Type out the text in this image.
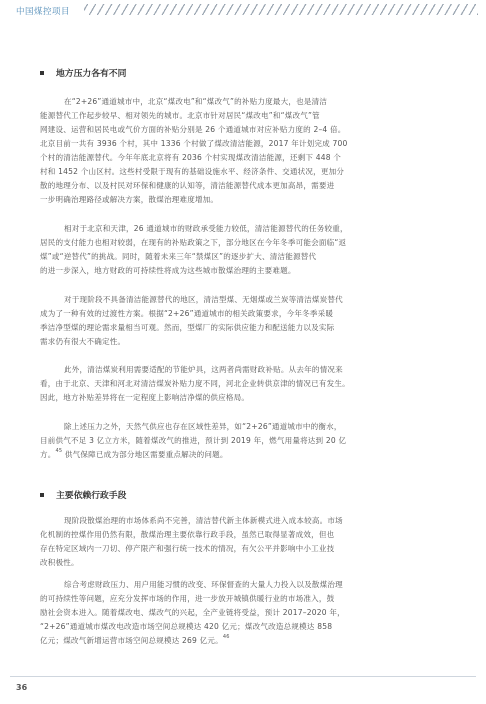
中国煤控项目
地方压力各有不同
在“2+26”通道城市中，北京“煤改电”和“煤改气”的补贴力度最大，也是清洁
能源替代工作起步较早、相对领先的城市。北京市针对居民“煤改电”和“煤改气”管
网建设、运营和居民电或气价方面的补贴分别是 26 个通道城市对应补贴力度的 2–4 倍。
北京目前一共有 3936 个村，其中 1336 个村做了煤改清洁能源，2017 年计划完成 700
个村的清洁能源替代。今年年底北京将有 2036 个村实现煤改清洁能源，还剩下 448 个
村和 1452 个山区村。这些村受限于现有的基础设施水平、经济条件、交通状况，更加分
散的地理分布、以及村民对环保和健康的认知等，清洁能源替代成本更加高昂，需要进
一步明确治理路径或解决方案，散煤治理难度增加。
相对于北京和天津，26 通道城市的财政承受能力较低，清洁能源替代的任务较重，
居民的支付能力也相对较弱，在现有的补贴政策之下，部分地区在今年冬季可能会面临“返
煤”或“逆替代”的挑战。同时，随着未来三年“禁煤区”的逐步扩大、清洁能源替代
的进一步深入，地方财政的可持续性将成为这些城市散煤治理的主要难题。
对于现阶段不具备清洁能源替代的地区，清洁型煤、无烟煤或兰炭等清洁煤炭替代
成为了一种有效的过渡性方案。根据“2+26”通道城市的相关政策要求，今年冬季采暖
季洁净型煤的理论需求量相当可观。然而，型煤厂的实际供应能力和配送能力以及实际
需求仍有很大不确定性。
此外，清洁煤炭利用需要适配的节能炉具，这两者尚需财政补贴。从去年的情况来
看，由于北京、天津和河北对清洁煤炭补贴力度不同，河北企业转供京津的情况已有发生。
因此，地方补贴差异将在一定程度上影响洁净煤的供应格局。
除上述压力之外，天然气供应也存在区域性差异，如“2+26”通道城市中的衡水，
目前供气不足 3 亿立方米，随着煤改气的推进，预计到 2019 年，燃气用量将达到 20 亿
方。$^{45}$ 供气保障已成为部分地区需要重点解决的问题。
主要依赖行政手段
现阶段散煤治理的市场体系尚不完善，清洁替代新主体新模式进入成本较高。市场
化机制的控煤作用仍然有限，散煤治理主要依靠行政手段，虽然已取得显著成效，但也
存在特定区域内一刀切、停产限产和强行统一技术的情况，有欠公平并影响中小工业技
改积极性。
综合考虑财政压力、用户用能习惯的改变、环保督查的大量人力投入以及散煤治理
的可持续性等问题，应充分发挥市场的作用，进一步放开城镇供暖行业的市场准入，鼓
励社会资本进入。随着煤改电、煤改气的兴起，全产业链将受益，预计 2017–2020 年，
“2+26”通道城市煤改电改造市场空间总规模达 420 亿元；煤改气改造总规模达 858
亿元；煤改气新增运营市场空间总规模达 269 亿元。$^{46}$
36
